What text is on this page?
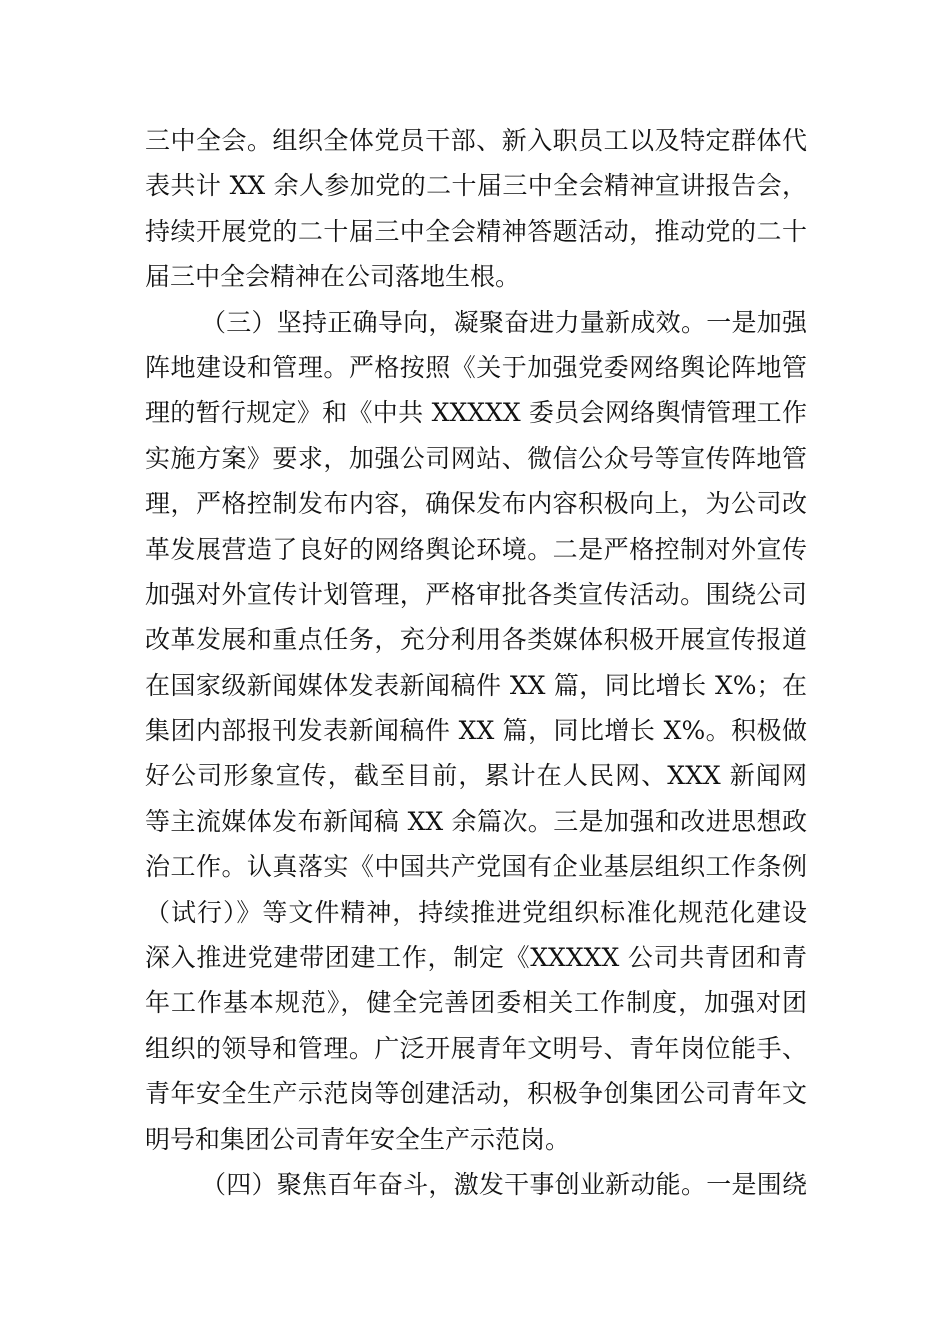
三中全会。组织全体党员干部、新入职员工以及特定群体代
表共计 XX 余人参加党的二十届三中全会精神宣讲报告会，
持续开展党的二十届三中全会精神答题活动，推动党的二十
届三中全会精神在公司落地生根。
（三）坚持正确导向，凝聚奋进力量新成效。一是加强
阵地建设和管理。严格按照《关于加强党委网络舆论阵地管
理的暂行规定》和《中共 XXXXX 委员会网络舆情管理工作
实施方案》要求，加强公司网站、微信公众号等宣传阵地管
理，严格控制发布内容，确保发布内容积极向上，为公司改
革发展营造了良好的网络舆论环境。二是严格控制对外宣传
加强对外宣传计划管理，严格审批各类宣传活动。围绕公司
改革发展和重点任务，充分利用各类媒体积极开展宣传报道
在国家级新闻媒体发表新闻稿件 XX 篇，同比增长 X%；在
集团内部报刊发表新闻稿件 XX 篇，同比增长 X%。积极做
好公司形象宣传，截至目前，累计在人民网、XXX 新闻网
等主流媒体发布新闻稿 XX 余篇次。三是加强和改进思想政
治工作。认真落实《中国共产党国有企业基层组织工作条例
（试行）》等文件精神，持续推进党组织标准化规范化建设
深入推进党建带团建工作，制定《XXXXX 公司共青团和青
年工作基本规范》，健全完善团委相关工作制度，加强对团
组织的领导和管理。广泛开展青年文明号、青年岗位能手、
青年安全生产示范岗等创建活动，积极争创集团公司青年文
明号和集团公司青年安全生产示范岗。
（四）聚焦百年奋斗，激发干事创业新动能。一是围绕
